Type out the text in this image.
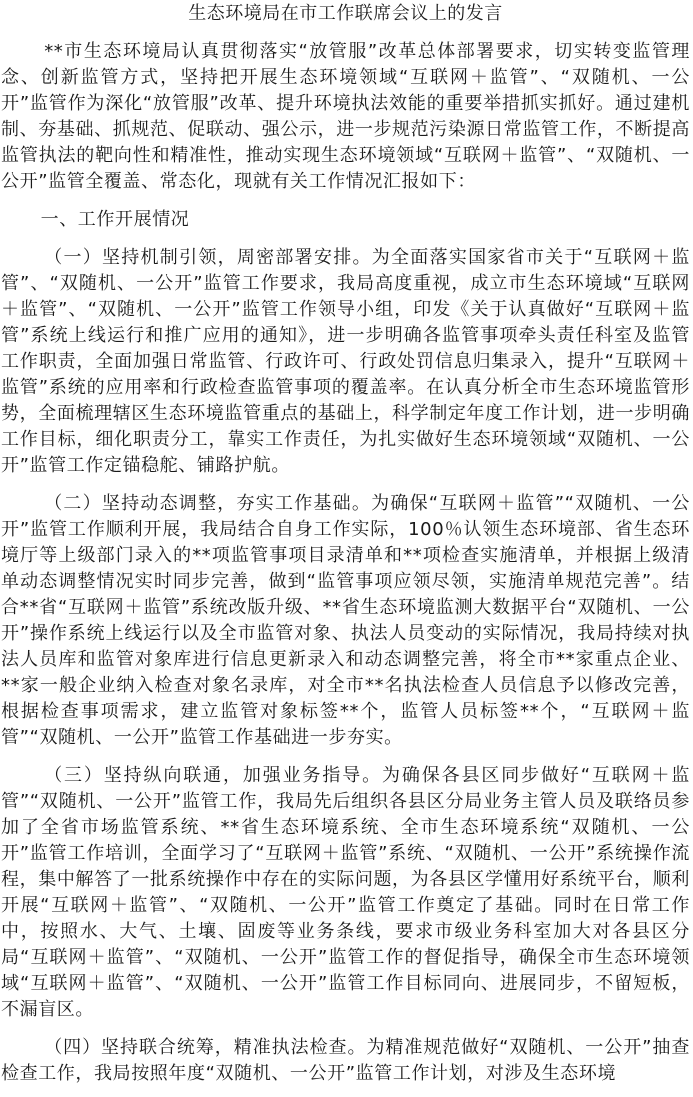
生态环境局在市工作联席会议上的发言

**市生态环境局认真贯彻落实“放管服”改革总体部署要求，切实转变监管理念、创新监管方式，坚持把开展生态环境领域“互联网＋监管”、“双随机、一公开”监管作为深化“放管服”改革、提升环境执法效能的重要举措抓实抓好。通过建机制、夯基础、抓规范、促联动、强公示，进一步规范污染源日常监管工作，不断提高监管执法的靶向性和精准性，推动实现生态环境领域“互联网＋监管”、“双随机、一公开”监管全覆盖、常态化，现就有关工作情况汇报如下：

一、工作开展情况

（一）坚持机制引领，周密部署安排。为全面落实国家省市关于“互联网＋监管”、“双随机、一公开”监管工作要求，我局高度重视，成立市生态环境域“互联网＋监管”、“双随机、一公开”监管工作领导小组，印发《关于认真做好“互联网＋监管”系统上线运行和推广应用的通知》，进一步明确各监管事项牵头责任科室及监管工作职责，全面加强日常监管、行政许可、行政处罚信息归集录入，提升“互联网＋监管”系统的应用率和行政检查监管事项的覆盖率。在认真分析全市生态环境监管形势，全面梳理辖区生态环境监管重点的基础上，科学制定年度工作计划，进一步明确工作目标，细化职责分工，靠实工作责任，为扎实做好生态环境领域“双随机、一公开”监管工作定锚稳舵、铺路护航。

（二）坚持动态调整，夯实工作基础。为确保“互联网＋监管”“双随机、一公开”监管工作顺利开展，我局结合自身工作实际，100％认领生态环境部、省生态环境厅等上级部门录入的**项监管事项目录清单和**项检查实施清单，并根据上级清单动态调整情况实时同步完善，做到“监管事项应领尽领，实施清单规范完善”。结合**省“互联网＋监管”系统改版升级、**省生态环境监测大数据平台“双随机、一公开”操作系统上线运行以及全市监管对象、执法人员变动的实际情况，我局持续对执法人员库和监管对象库进行信息更新录入和动态调整完善，将全市**家重点企业、**家一般企业纳入检查对象名录库，对全市**名执法检查人员信息予以修改完善，根据检查事项需求，建立监管对象标签**个，监管人员标签**个，“互联网＋监管”“双随机、一公开”监管工作基础进一步夯实。

（三）坚持纵向联通，加强业务指导。为确保各县区同步做好“互联网＋监管”“双随机、一公开”监管工作，我局先后组织各县区分局业务主管人员及联络员参加了全省市场监管系统、**省生态环境系统、全市生态环境系统“双随机、一公开”监管工作培训，全面学习了“互联网＋监管”系统、“双随机、一公开”系统操作流程，集中解答了一批系统操作中存在的实际问题，为各县区学懂用好系统平台，顺利开展“互联网＋监管”、“双随机、一公开”监管工作奠定了基础。同时在日常工作中，按照水、大气、土壤、固废等业务条线，要求市级业务科室加大对各县区分局“互联网＋监管”、“双随机、一公开”监管工作的督促指导，确保全市生态环境领域“互联网＋监管”、“双随机、一公开”监管工作目标同向、进展同步，不留短板，不漏盲区。

（四）坚持联合统筹，精准执法检查。为精准规范做好“双随机、一公开”抽查检查工作，我局按照年度“双随机、一公开”监管工作计划，对涉及生态环境
